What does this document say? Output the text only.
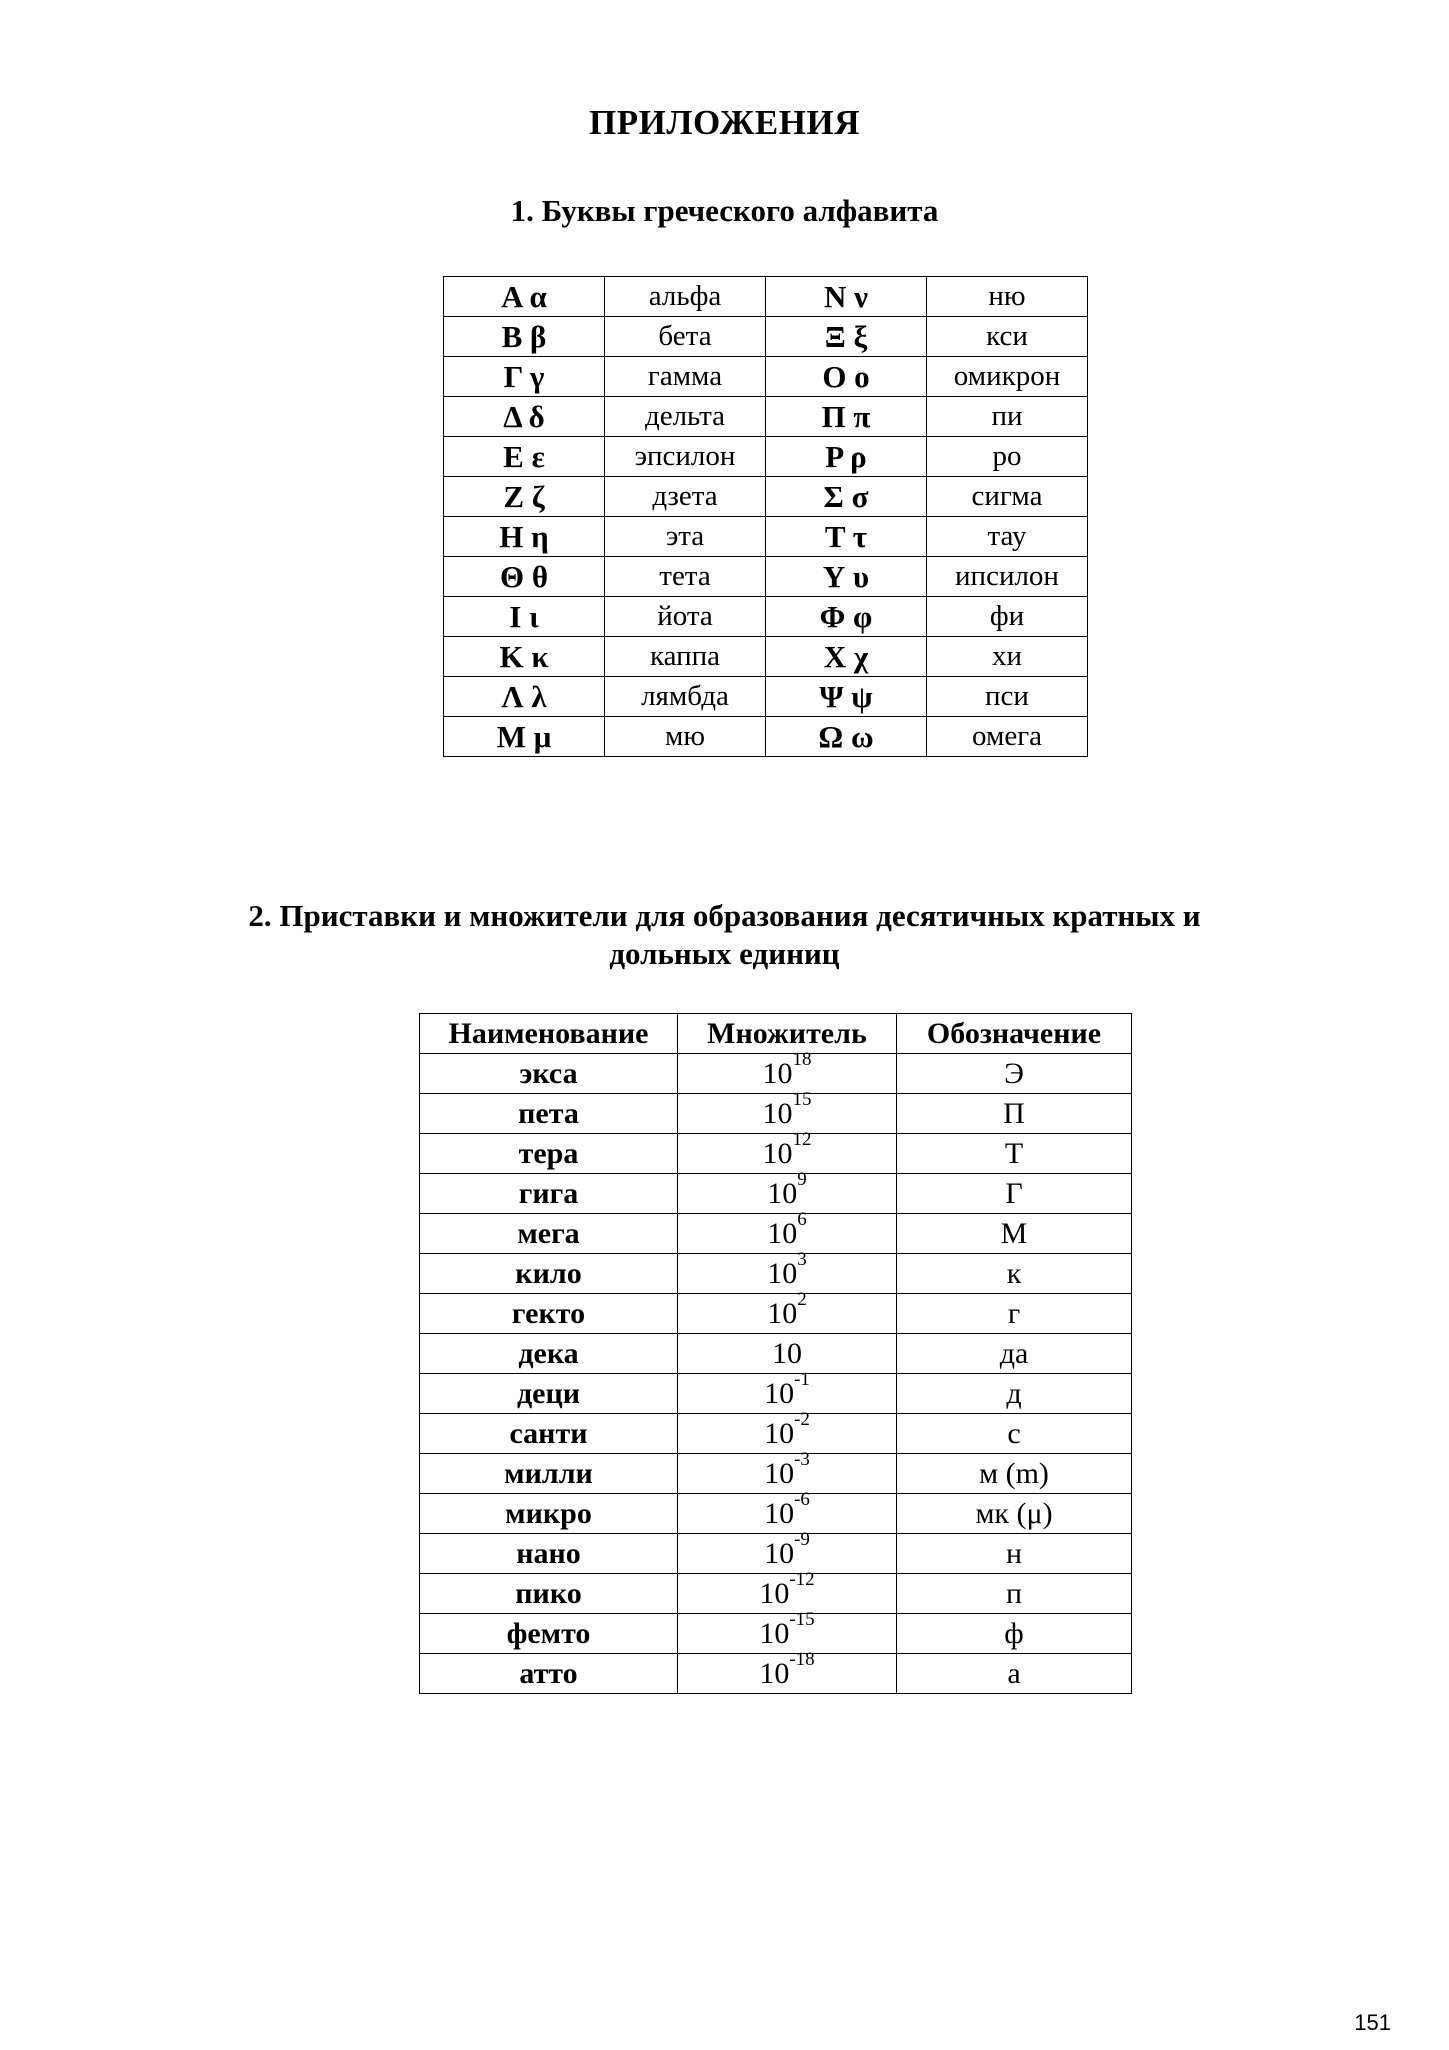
ПРИЛОЖЕНИЯ
1. Буквы греческого алфавита
Α α	альфа	Ν ν	ню
Β β	бета	Ξ ξ	кси
Γ γ	гамма	Ο ο	омикрон
Δ δ	дельта	Π π	пи
Ε ε	эпсилон	Ρ ρ	ро
Ζ ζ	дзета	Σ σ	сигма
Η η	эта	Τ τ	тау
Θ θ	тета	Υ υ	ипсилон
Ι ι	йота	Φ φ	фи
Κ κ	каппа	Χ χ	хи
Λ λ	лямбда	Ψ ψ	пси
Μ μ	мю	Ω ω	омега
2. Приставки и множители для образования десятичных кратных и
дольных единиц
Наименование	Множитель	Обозначение
экса	$10^{18}$	Э
пета	$10^{15}$	П
тера	$10^{12}$	Т
гига	$10^9$	Г
мега	$10^6$	М
кило	$10^3$	к
гекто	$10^2$	г
дека	10	да
деци	$10^{-1}$	д
санти	$10^{-2}$	с
милли	$10^{-3}$	м (m)
микро	$10^{-6}$	мк (μ)
нано	$10^{-9}$	н
пико	$10^{-12}$	п
фемто	$10^{-15}$	ф
атто	$10^{-18}$	а
151
